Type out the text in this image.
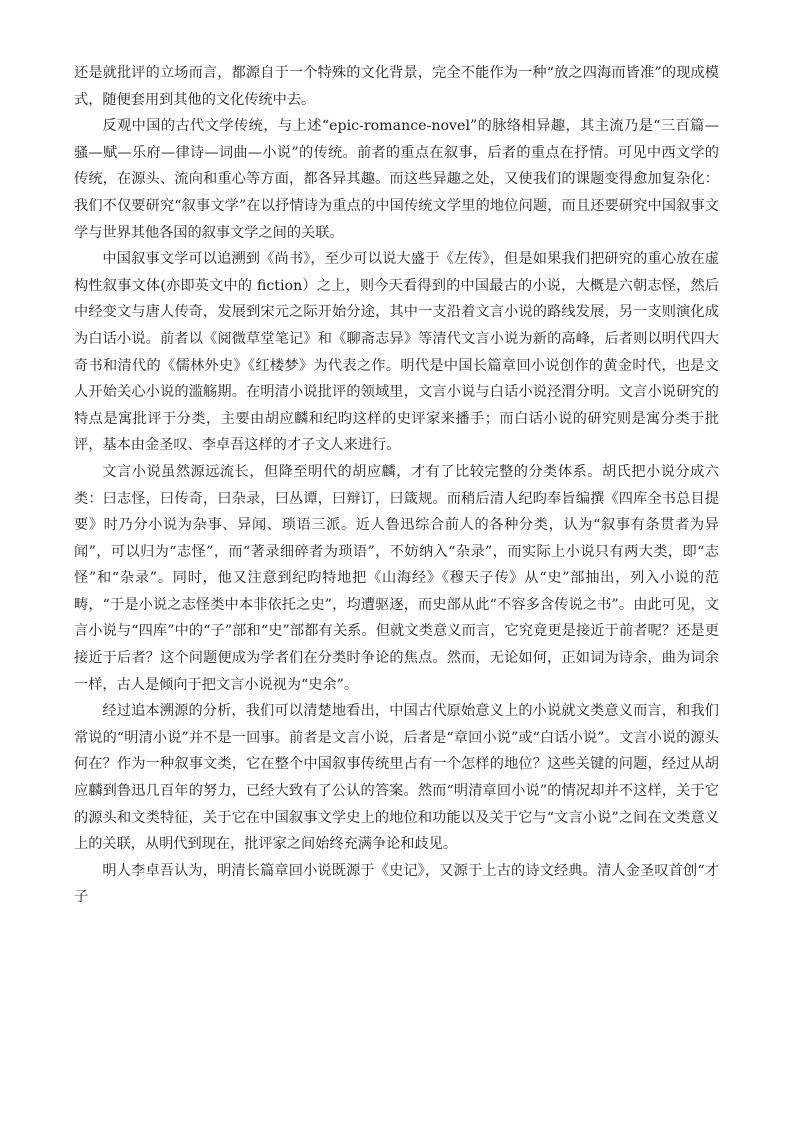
还是就批评的立场而言，都源自于一个特殊的文化背景，完全不能作为一种“放之四海而皆准”的现成模式，随便套用到其他的文化传统中去。

反观中国的古代文学传统，与上述“epic-romance-novel”的脉络相异趣，其主流乃是“三百篇—骚—赋—乐府—律诗—词曲—小说”的传统。前者的重点在叙事，后者的重点在抒情。可见中西文学的传统，在源头、流向和重心等方面，都各异其趣。而这些异趣之处，又使我们的课题变得愈加复杂化：我们不仅要研究“叙事文学”在以抒情诗为重点的中国传统文学里的地位问题，而且还要研究中国叙事文学与世界其他各国的叙事文学之间的关联。

中国叙事文学可以追溯到《尚书》，至少可以说大盛于《左传》，但是如果我们把研究的重心放在虚构性叙事文体(亦即英文中的 fiction）之上，则今天看得到的中国最古的小说，大概是六朝志怪，然后中经变文与唐人传奇，发展到宋元之际开始分途，其中一支沿着文言小说的路线发展，另一支则演化成为白话小说。前者以《阅微草堂笔记》和《聊斋志异》等清代文言小说为新的高峰，后者则以明代四大奇书和清代的《儒林外史》《红楼梦》为代表之作。明代是中国长篇章回小说创作的黄金时代，也是文人开始关心小说的滥觞期。在明清小说批评的领域里，文言小说与白话小说泾渭分明。文言小说研究的特点是寓批评于分类，主要由胡应麟和纪昀这样的史评家来播手；而白话小说的研究则是寓分类于批评，基本由金圣叹、李卓吾这样的才子文人来进行。

文言小说虽然源远流长，但降至明代的胡应麟，才有了比较完整的分类体系。胡氏把小说分成六类：曰志怪，曰传奇，曰杂录，曰丛谭，曰辩订，曰箴规。而稍后清人纪昀奉旨编撰《四库全书总目提要》时乃分小说为杂事、异闻、琐语三派。近人鲁迅综合前人的各种分类，认为“叙事有条贯者为异闻”，可以归为“志怪”，而“著录细碎者为琐语”，不妨纳入“杂录”，而实际上小说只有两大类，即“志怪”和“杂录”。同时，他又注意到纪昀特地把《山海经》《穆天子传》从“史”部抽出，列入小说的范畴，“于是小说之志怪类中本非依托之史”，均遭驱逐，而史部从此“不容多含传说之书”。由此可见，文言小说与“四库”中的“子”部和“史”部都有关系。但就文类意义而言，它究竟更是接近于前者呢？还是更接近于后者？这个问题便成为学者们在分类时争论的焦点。然而，无论如何，正如词为诗余，曲为词余一样，古人是倾向于把文言小说视为“史余”。

经过追本溯源的分析，我们可以清楚地看出，中国古代原始意义上的小说就文类意义而言，和我们常说的“明清小说”并不是一回事。前者是文言小说，后者是“章回小说”或“白话小说”。文言小说的源头何在？作为一种叙事文类，它在整个中国叙事传统里占有一个怎样的地位？这些关键的问题，经过从胡应麟到鲁迅几百年的努力，已经大致有了公认的答案。然而“明清章回小说”的情况却并不这样，关于它的源头和文类特征，关于它在中国叙事文学史上的地位和功能以及关于它与“文言小说”之间在文类意义上的关联，从明代到现在，批评家之间始终充满争论和歧见。

明人李卓吾认为，明清长篇章回小说既源于《史记》，又源于上古的诗文经典。清人金圣叹首创“才子
